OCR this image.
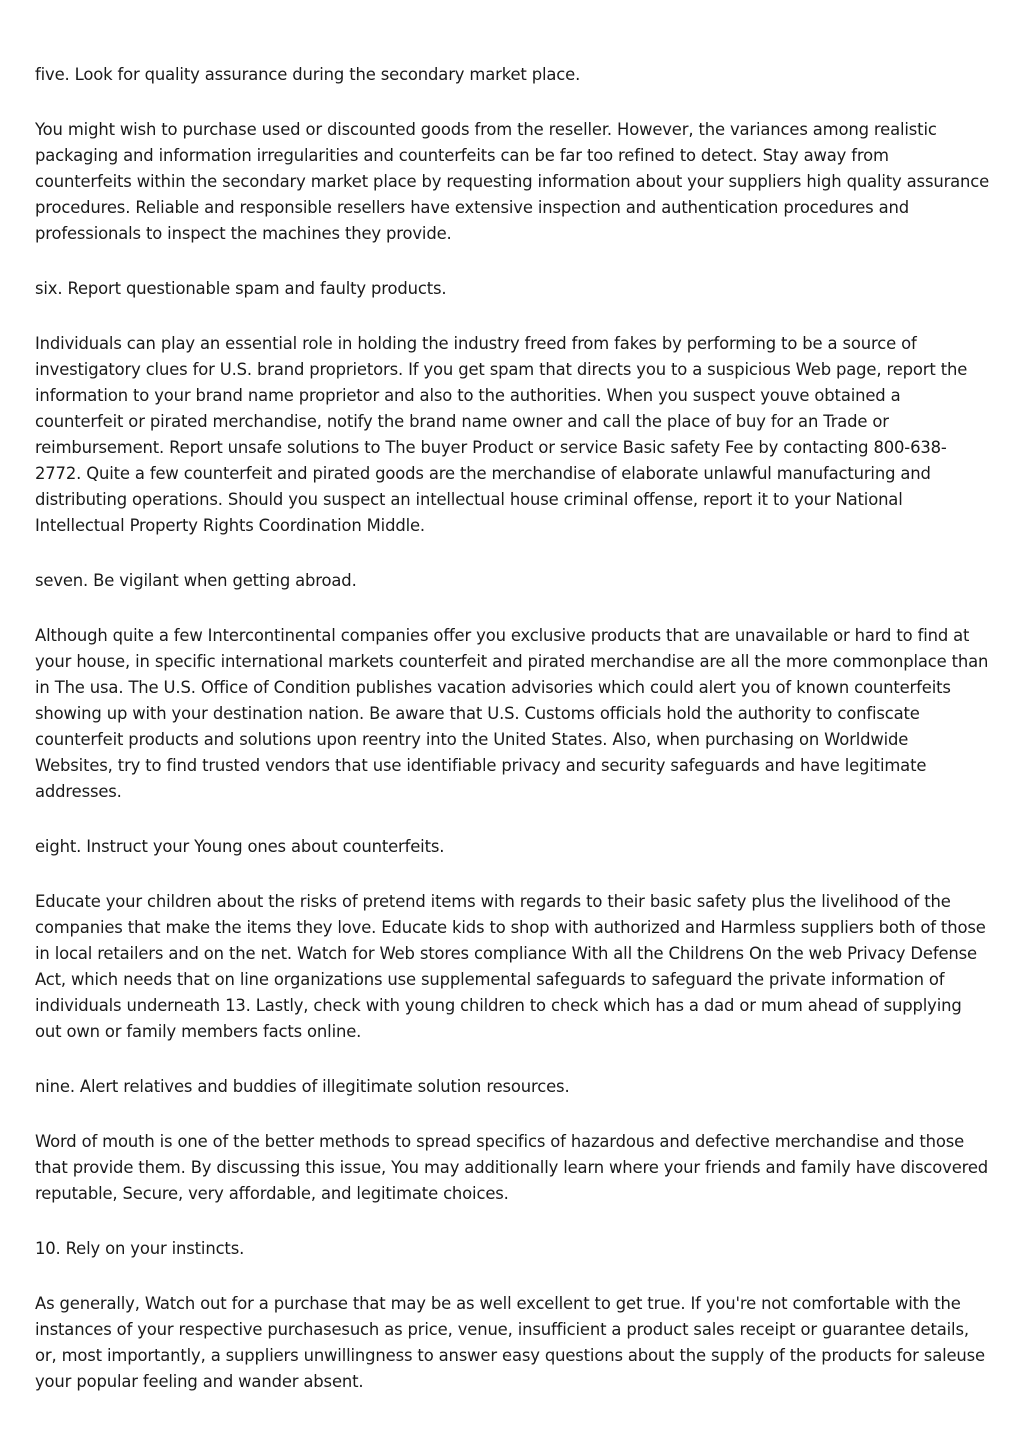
five. Look for quality assurance during the secondary market place.

You might wish to purchase used or discounted goods from the reseller. However, the variances among realistic packaging and information irregularities and counterfeits can be far too refined to detect. Stay away from counterfeits within the secondary market place by requesting information about your suppliers high quality assurance procedures. Reliable and responsible resellers have extensive inspection and authentication procedures and professionals to inspect the machines they provide.

six. Report questionable spam and faulty products.

Individuals can play an essential role in holding the industry freed from fakes by performing to be a source of investigatory clues for U.S. brand proprietors. If you get spam that directs you to a suspicious Web page, report the information to your brand name proprietor and also to the authorities. When you suspect youve obtained a counterfeit or pirated merchandise, notify the brand name owner and call the place of buy for an Trade or reimbursement. Report unsafe solutions to The buyer Product or service Basic safety Fee by contacting 800-638-2772. Quite a few counterfeit and pirated goods are the merchandise of elaborate unlawful manufacturing and distributing operations. Should you suspect an intellectual house criminal offense, report it to your National Intellectual Property Rights Coordination Middle.

seven. Be vigilant when getting abroad.

Although quite a few Intercontinental companies offer you exclusive products that are unavailable or hard to find at your house, in specific international markets counterfeit and pirated merchandise are all the more commonplace than in The usa. The U.S. Office of Condition publishes vacation advisories which could alert you of known counterfeits showing up with your destination nation. Be aware that U.S. Customs officials hold the authority to confiscate counterfeit products and solutions upon reentry into the United States. Also, when purchasing on Worldwide Websites, try to find trusted vendors that use identifiable privacy and security safeguards and have legitimate addresses.

eight. Instruct your Young ones about counterfeits.

Educate your children about the risks of pretend items with regards to their basic safety plus the livelihood of the companies that make the items they love. Educate kids to shop with authorized and Harmless suppliers both of those in local retailers and on the net. Watch for Web stores compliance With all the Childrens On the web Privacy Defense Act, which needs that on line organizations use supplemental safeguards to safeguard the private information of individuals underneath 13. Lastly, check with young children to check which has a dad or mum ahead of supplying out own or family members facts online.

nine. Alert relatives and buddies of illegitimate solution resources.

Word of mouth is one of the better methods to spread specifics of hazardous and defective merchandise and those that provide them. By discussing this issue, You may additionally learn where your friends and family have discovered reputable, Secure, very affordable, and legitimate choices.

10. Rely on your instincts.

As generally, Watch out for a purchase that may be as well excellent to get true. If you're not comfortable with the instances of your respective purchasesuch as price, venue, insufficient a product sales receipt or guarantee details, or, most importantly, a suppliers unwillingness to answer easy questions about the supply of the products for saleuse your popular feeling and wander absent.
